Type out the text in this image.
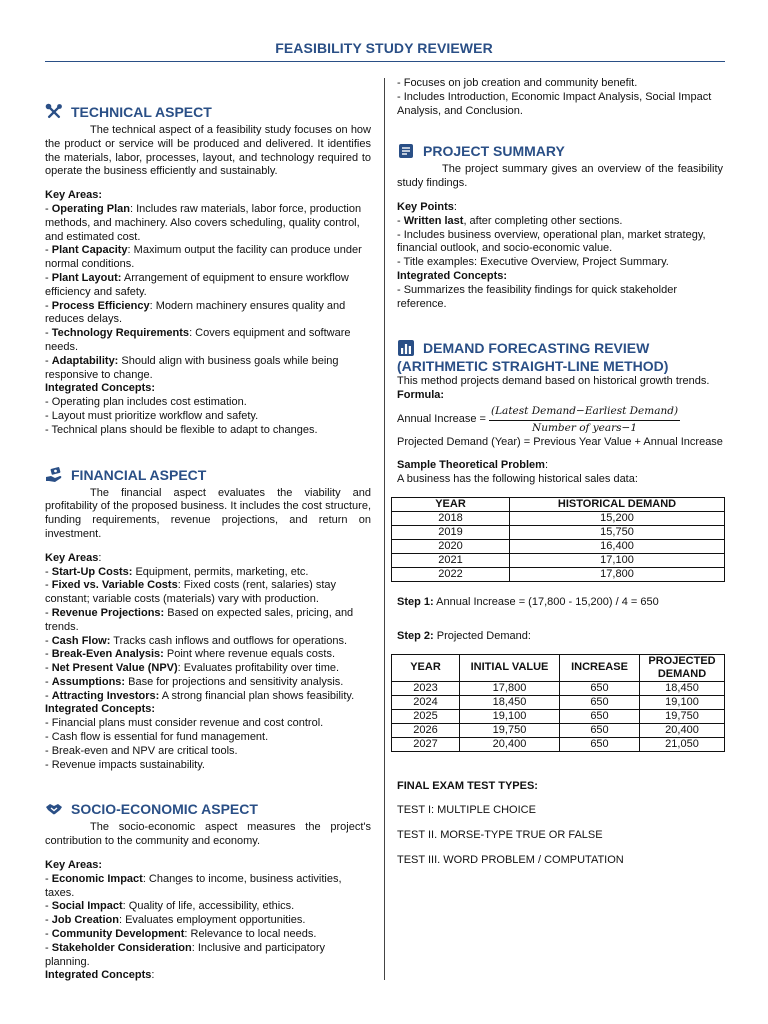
FEASIBILITY STUDY REVIEWER
TECHNICAL ASPECT

The technical aspect of a feasibility study focuses on how the product or service will be produced and delivered. It identifies the materials, labor, processes, layout, and technology required to operate the business efficiently and sustainably.

Key Areas:

- Operating Plan: Includes raw materials, labor force, production methods, and machinery. Also covers scheduling, quality control, and estimated cost.

- Plant Capacity: Maximum output the facility can produce under normal conditions.

- Plant Layout: Arrangement of equipment to ensure workflow efficiency and safety.

- Process Efficiency: Modern machinery ensures quality and reduces delays.

- Technology Requirements: Covers equipment and software needs.

- Adaptability: Should align with business goals while being responsive to change.

Integrated Concepts:

- Operating plan includes cost estimation.

- Layout must prioritize workflow and safety.

- Technical plans should be flexible to adapt to changes.

FINANCIAL ASPECT

The financial aspect evaluates the viability and profitability of the proposed business. It includes the cost structure, funding requirements, revenue projections, and return on investment.

Key Areas:

- Start-Up Costs: Equipment, permits, marketing, etc.

- Fixed vs. Variable Costs: Fixed costs (rent, salaries) stay constant; variable costs (materials) vary with production.

- Revenue Projections: Based on expected sales, pricing, and trends.

- Cash Flow: Tracks cash inflows and outflows for operations.

- Break-Even Analysis: Point where revenue equals costs.

- Net Present Value (NPV): Evaluates profitability over time.

- Assumptions: Base for projections and sensitivity analysis.

- Attracting Investors: A strong financial plan shows feasibility.

Integrated Concepts:

- Financial plans must consider revenue and cost control.

- Cash flow is essential for fund management.

- Break-even and NPV are critical tools.

- Revenue impacts sustainability.

SOCIO-ECONOMIC ASPECT

The socio-economic aspect measures the project's contribution to the community and economy.

Key Areas:

- Economic Impact: Changes to income, business activities, taxes.

- Social Impact: Quality of life, accessibility, ethics.

- Job Creation: Evaluates employment opportunities.

- Community Development: Relevance to local needs.

- Stakeholder Consideration: Inclusive and participatory planning.

Integrated Concepts:

- Focuses on job creation and community benefit.

- Includes Introduction, Economic Impact Analysis, Social Impact Analysis, and Conclusion.

PROJECT SUMMARY

The project summary gives an overview of the feasibility study findings.

Key Points:

- Written last, after completing other sections.

- Includes business overview, operational plan, market strategy, financial outlook, and socio-economic value.

- Title examples: Executive Overview, Project Summary.

Integrated Concepts:

- Summarizes the feasibility findings for quick stakeholder reference.

DEMAND FORECASTING REVIEW
(ARITHMETIC STRAIGHT-LINE METHOD)

This method projects demand based on historical growth trends.

Formula:

Annual Increase = $\frac{\text{(Latest Demand−Earliest Demand)}}{\text{Number of years−1}}$

Projected Demand (Year) = Previous Year Value + Annual Increase

Sample Theoretical Problem:

A business has the following historical sales data:

YEAR	HISTORICAL DEMAND
2018	15,200
2019	15,750
2020	16,400
2021	17,100
2022	17,800

Step 1: Annual Increase = (17,800 - 15,200) / 4 = 650

Step 2: Projected Demand:

YEAR	INITIAL VALUE	INCREASE	PROJECTED DEMAND
2023	17,800	650	18,450
2024	18,450	650	19,100
2025	19,100	650	19,750
2026	19,750	650	20,400
2027	20,400	650	21,050

FINAL EXAM TEST TYPES:

TEST I: MULTIPLE CHOICE

TEST II. MORSE-TYPE TRUE OR FALSE

TEST III. WORD PROBLEM / COMPUTATION
